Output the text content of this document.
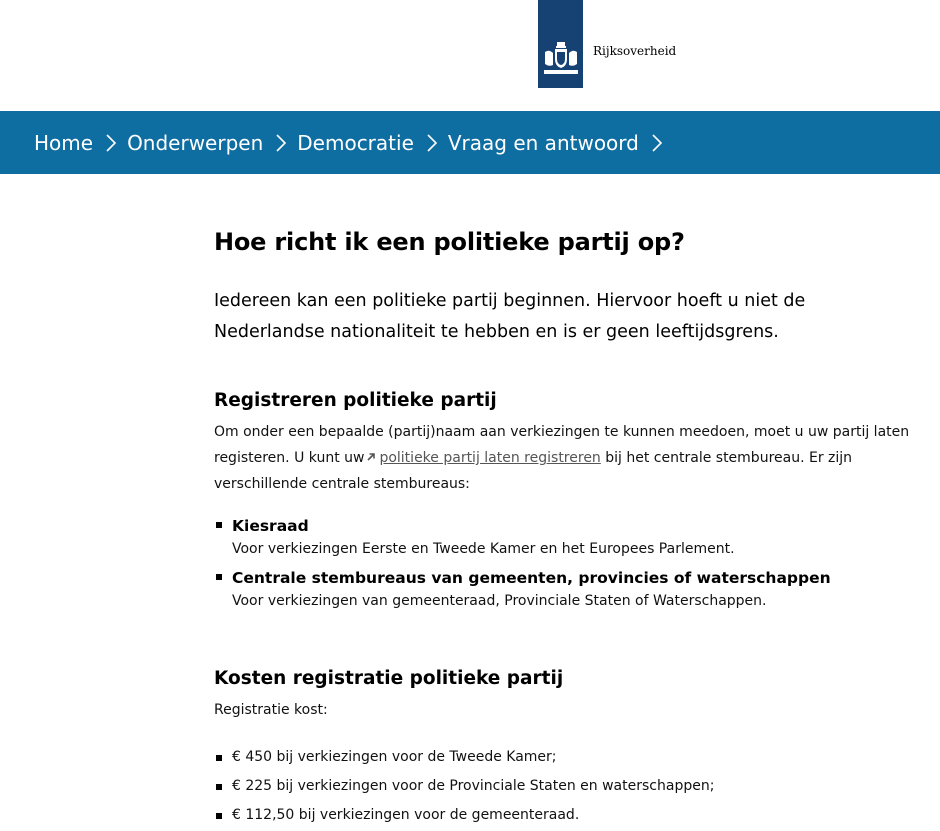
Rijksoverheid
Home Onderwerpen Democratie Vraag en antwoord
Hoe richt ik een politieke partij op?

Iedereen kan een politieke partij beginnen. Hiervoor hoeft u niet de Nederlandse nationaliteit te hebben en is er geen leeftijdsgrens.

Registreren politieke partij

Om onder een bepaalde (partij)naam aan verkiezingen te kunnen meedoen, moet u uw partij laten registeren. U kunt uw politieke partij laten registreren bij het centrale stembureau. Er zijn verschillende centrale stembureaus:

Kiesraad
Voor verkiezingen Eerste en Tweede Kamer en het Europees Parlement.
Centrale stembureaus van gemeenten, provincies of waterschappen
Voor verkiezingen van gemeenteraad, Provinciale Staten of Waterschappen.
Kosten registratie politieke partij

Registratie kost:

€ 450 bij verkiezingen voor de Tweede Kamer;
€ 225 bij verkiezingen voor de Provinciale Staten en waterschappen;
€ 112,50 bij verkiezingen voor de gemeenteraad.
